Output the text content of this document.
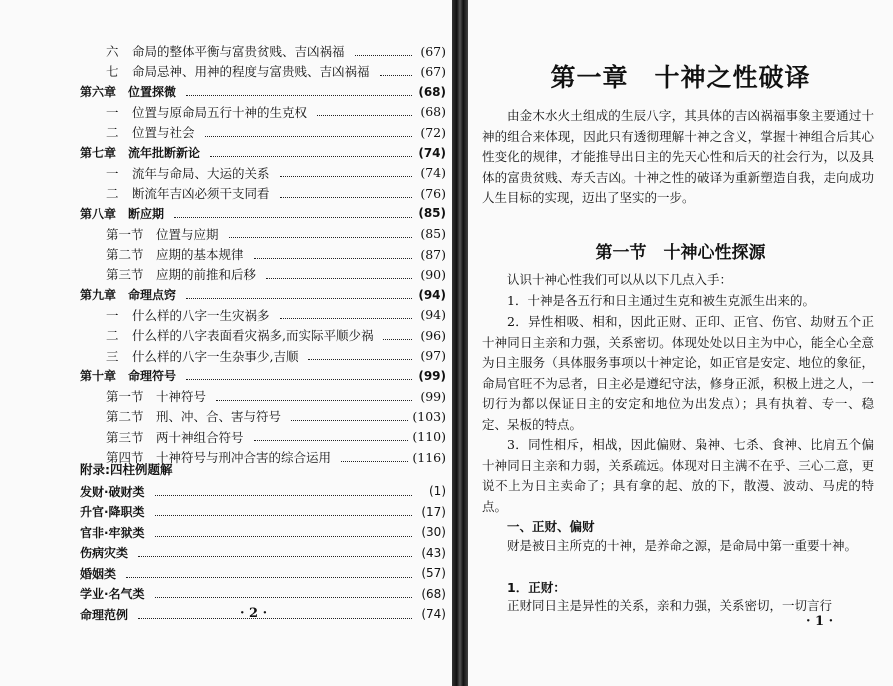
附录:四柱例题解
· 2 ·
六	命局的整体平衡与富贵贫贱、吉凶祸福	(67)
七	命局忌神、用神的程度与富贵贱、吉凶祸福	(67)
第六章　位置探微	(68)
一	位置与原命局五行十神的生克权	(68)
二	位置与社会	(72)
第七章　流年批断新论	(74)
一	流年与命局、大运的关系	(74)
二	断流年吉凶必须干支同看	(76)
第八章　断应期	(85)
第一节　位置与应期	(85)
第二节　应期的基本规律	(87)
第三节　应期的前推和后移	(90)
第九章　命理点窍	(94)
一	什么样的八字一生灾祸多	(94)
二	什么样的八字表面看灾祸多,而实际平顺少祸	(96)
三	什么样的八字一生杂事少,吉顺	(97)
第十章　命理符号	(99)
第一节　十神符号	(99)
第二节　刑、冲、合、害与符号	(103)
第三节　两十神组合符号	(110)
第四节　十神符号与刑冲合害的综合运用	(116)
发财·破财类	(1)
升官·降职类	(17)
官非·牢狱类	(30)
伤病灾类	(43)
婚姻类	(57)
学业·名气类	(68)
命理范例	(74)
第一章　十神之性破译
由金木水火土组成的生辰八字，其具体的吉凶祸福事象主要通过十神的组合来体现，因此只有透彻理解十神之含义，掌握十神组合后其心性变化的规律，才能推导出日主的先天心性和后天的社会行为，以及具体的富贵贫贱、寿夭吉凶。十神之性的破译为重新塑造自我，走向成功人生目标的实现，迈出了坚实的一步。
第一节　十神心性探源
认识十神心性我们可以从以下几点入手：
1．十神是各五行和日主通过生克和被生克派生出来的。
2．异性相吸、相和，因此正财、正印、正官、伤官、劫财五个正十神同日主亲和力强，关系密切。体现处处以日主为中心，能全心全意为日主服务（具体服务事项以十神定论，如正官是安定、地位的象征，命局官旺不为忌者，日主必是遵纪守法，修身正派，积极上进之人，一切行为都以保证日主的安定和地位为出发点）；具有执着、专一、稳定、呆板的特点。
3．同性相斥，相战，因此偏财、枭神、七杀、食神、比肩五个偏十神同日主亲和力弱，关系疏远。体现对日主满不在乎、三心二意，更说不上为日主卖命了；具有拿的起、放的下，散漫、波动、马虎的特点。
一、正财、偏财
财是被日主所克的十神，是养命之源，是命局中第一重要十神。
1．正财：
正财同日主是异性的关系，亲和力强，关系密切，一切言行
· 1 ·
